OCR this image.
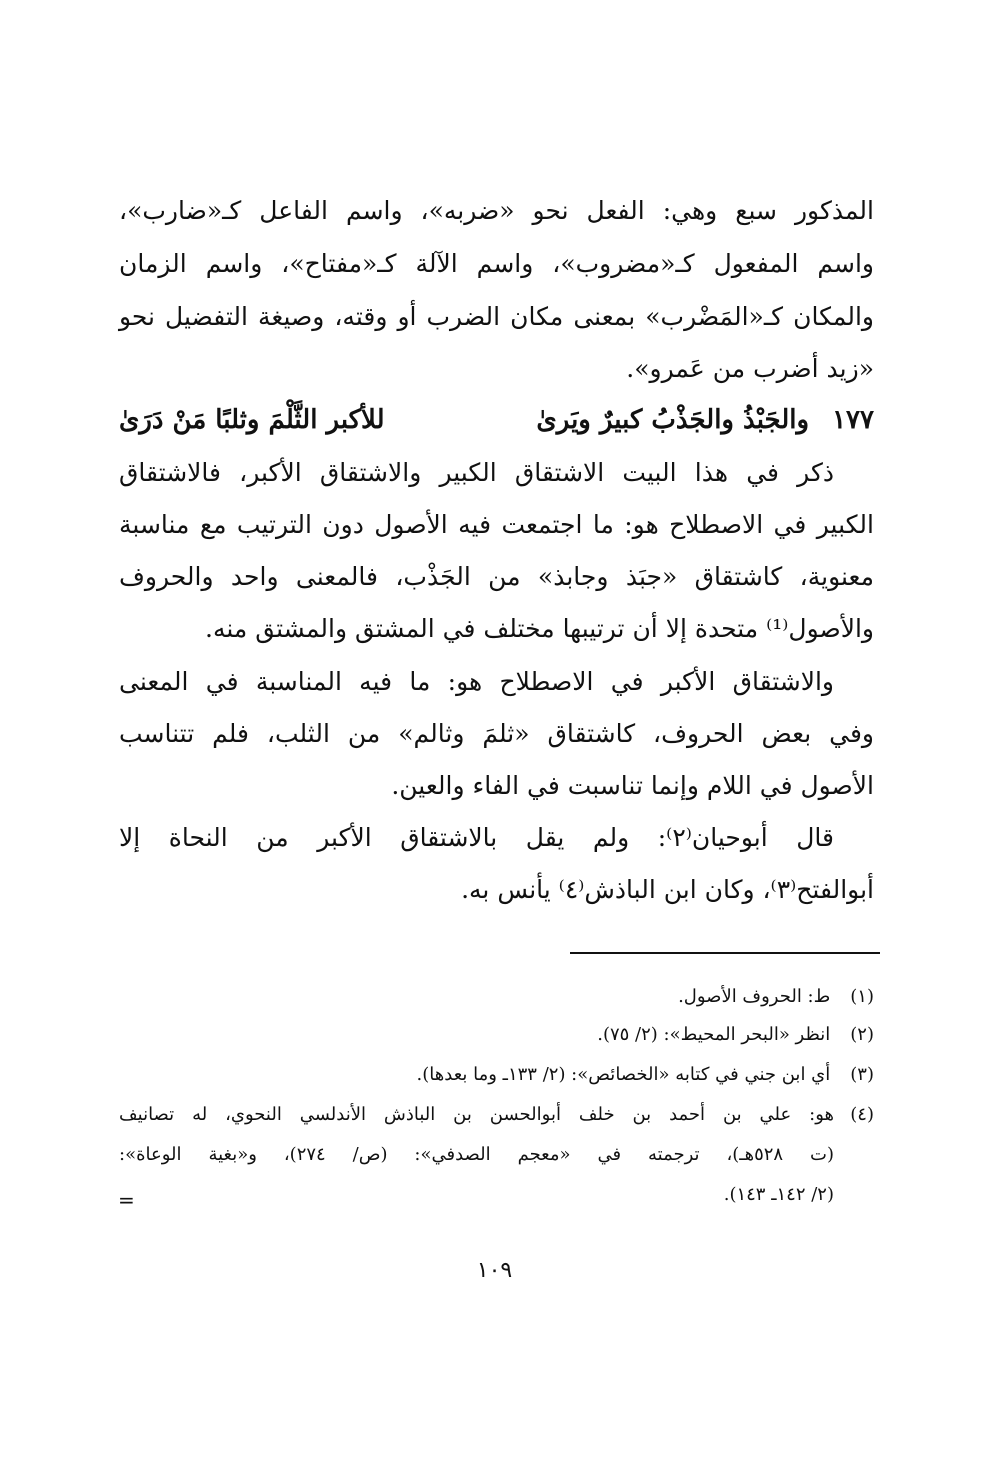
المذكور سبع وهي: الفعل نحو «ضربه»، واسم الفاعل كـ«ضارب»،
واسم المفعول كـ«مضروب»، واسم الآلة كـ«مفتاح»، واسم الزمان
والمكان كـ«المَضْرب» بمعنى مكان الضرب أو وقته، وصيغة التفضيل نحو
«زيد أضرب من عَمرو».
١٧٧ والجَبْذُ والجَذْبُ كبيرٌ ويَرىٰ
للأكبر الثَّلْمَ وثلبًا مَنْ دَرَىٰ
ذكر في هذا البيت الاشتقاق الكبير والاشتقاق الأكبر، فالاشتقاق
الكبير في الاصطلاح هو: ما اجتمعت فيه الأصول دون الترتيب مع مناسبة
معنوية، كاشتقاق «جبَذ وجابذ» من الجَذْب، فالمعنى واحد والحروف
والأصول⁽¹⁾ متحدة إلا أن ترتيبها مختلف في المشتق والمشتق منه.
والاشتقاق الأكبر في الاصطلاح هو: ما فيه المناسبة في المعنى
وفي بعض الحروف، كاشتقاق «ثلمَ وثالم» من الثلب، فلم تتناسب
الأصول في اللام وإنما تناسبت في الفاء والعين.
قال أبوحيان⁽٢⁾: ولم يقل بالاشتقاق الأكبر من النحاة إلا
أبوالفتح⁽٣⁾، وكان ابن الباذش⁽٤⁾ يأنس به.
(١) ط: الحروف الأصول.
(٢) انظر «البحر المحيط»: (٢/ ٧٥).
(٣) أي ابن جني في كتابه «الخصائص»: (٢/ ١٣٣ـ وما بعدها).
(٤)
هو: علي بن أحمد بن خلف أبوالحسن بن الباذش الأندلسي النحوي، له تصانيف
(ت ٥٢٨هـ)، ترجمته في «معجم الصدفي»: (ص/ ٢٧٤)، و«بغية الوعاة»:
(٢/ ١٤٢ـ ١٤٣).
=
١٠٩
